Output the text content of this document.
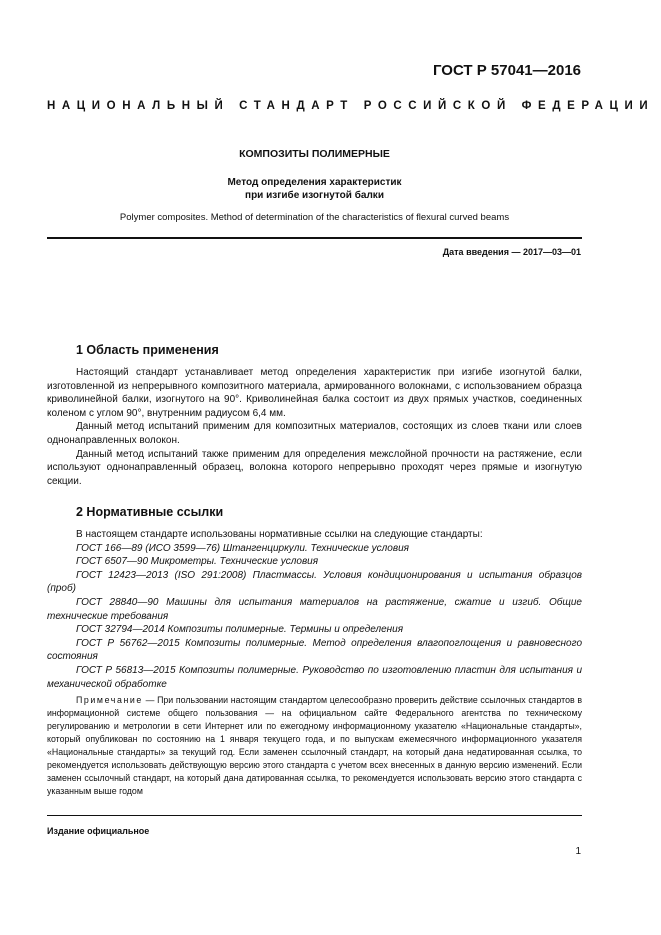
ГОСТ Р 57041—2016
НАЦИОНАЛЬНЫЙ СТАНДАРТ РОССИЙСКОЙ ФЕДЕРАЦИИ
КОМПОЗИТЫ ПОЛИМЕРНЫЕ
Метод определения характеристик
при изгибе изогнутой балки
Polymer composites. Method of determination of the characteristics of flexural curved beams
Дата введения — 2017—03—01
1 Область применения

Настоящий стандарт устанавливает метод определения характеристик при изгибе изогнутой балки, изготовленной из непрерывного композитного материала, армированного волокнами, с использованием образца криволинейной балки, изогнутого на 90°. Криволинейная балка состоит из двух прямых участков, соединенных коленом с углом 90°, внутренним радиусом 6,4 мм.

Данный метод испытаний применим для композитных материалов, состоящих из слоев ткани или слоев однонаправленных волокон.

Данный метод испытаний также применим для определения межслойной прочности на растяжение, если используют однонаправленный образец, волокна которого непрерывно проходят через прямые и изогнутую секции.

2 Нормативные ссылки

В настоящем стандарте использованы нормативные ссылки на следующие стандарты:

ГОСТ 166—89 (ИСО 3599—76) Штангенциркули. Технические условия

ГОСТ 6507—90 Микрометры. Технические условия

ГОСТ 12423—2013 (ISO 291:2008) Пластмассы. Условия кондиционирования и испытания образцов (проб)

ГОСТ 28840—90 Машины для испытания материалов на растяжение, сжатие и изгиб. Общие технические требования

ГОСТ 32794—2014 Композиты полимерные. Термины и определения

ГОСТ Р 56762—2015 Композиты полимерные. Метод определения влагопоглощения и равновесного состояния

ГОСТ Р 56813—2015 Композиты полимерные. Руководство по изготовлению пластин для испытания и механической обработке

Примечание — При пользовании настоящим стандартом целесообразно проверить действие ссылочных стандартов в информационной системе общего пользования — на официальном сайте Федерального агентства по техническому регулированию и метрологии в сети Интернет или по ежегодному информационному указателю «Национальные стандарты», который опубликован по состоянию на 1 января текущего года, и по выпускам ежемесячного информационного указателя «Национальные стандарты» за текущий год. Если заменен ссылочный стандарт, на который дана недатированная ссылка, то рекомендуется использовать действующую версию этого стандарта с учетом всех внесенных в данную версию изменений. Если заменен ссылочный стандарт, на который дана датированная ссылка, то рекомендуется использовать версию этого стандарта с указанным выше годом

Издание официальное
1
